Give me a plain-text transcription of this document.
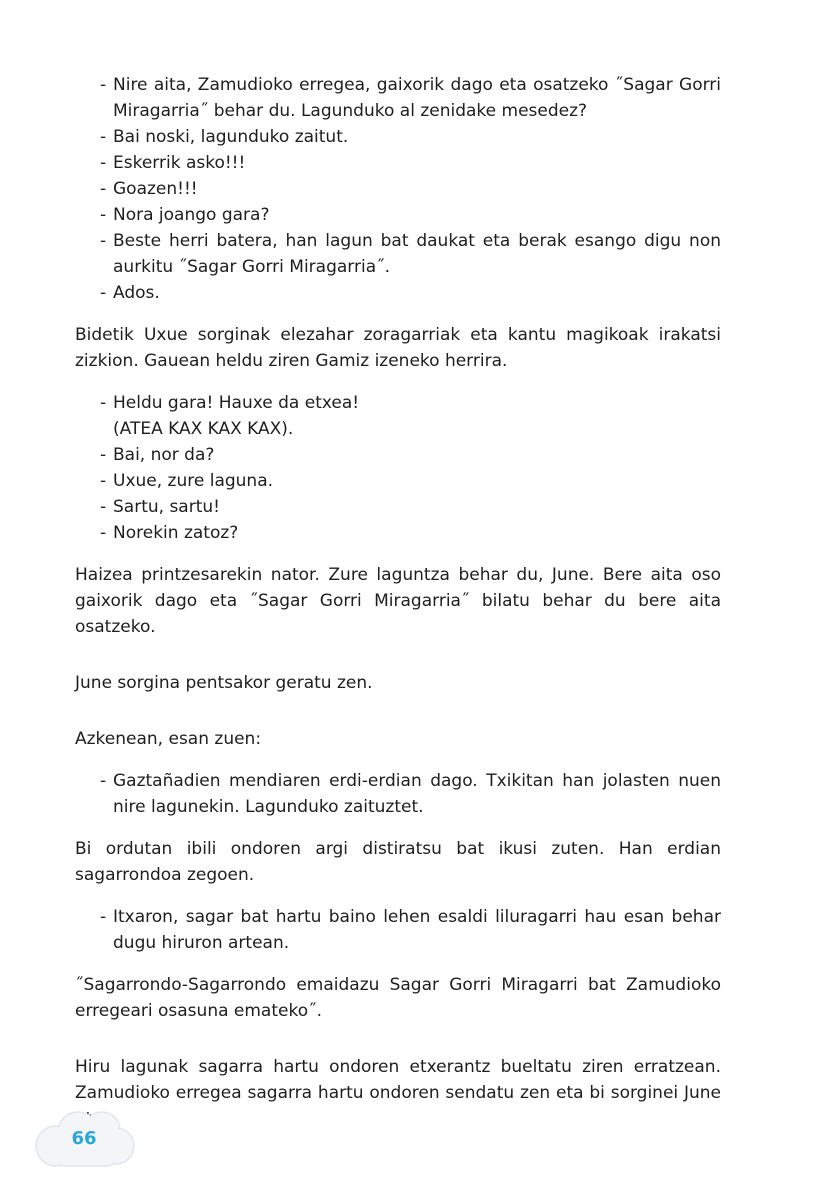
- Nire aita, Zamudioko erregea, gaixorik dago eta osatzeko ˝Sagar Gorri Miragarria˝ behar du. Lagunduko al zenidake mesedez?
- Bai noski, lagunduko zaitut.
- Eskerrik asko!!!
- Goazen!!!
- Nora joango gara?
- Beste herri batera, han lagun bat daukat eta berak esango digu non aurkitu ˝Sagar Gorri Miragarria˝.
- Ados.

Bidetik Uxue sorginak elezahar zoragarriak eta kantu magikoak irakatsi zizkion. Gauean heldu ziren Gamiz izeneko herrira.

- Heldu gara! Hauxe da etxea!
(ATEA KAX KAX KAX).
- Bai, nor da?
- Uxue, zure laguna.
- Sartu, sartu!
- Norekin zatoz?

Haizea printzesarekin nator. Zure laguntza behar du, June. Bere aita oso gaixorik dago eta ˝Sagar Gorri Miragarria˝ bilatu behar du bere aita osatzeko.

June sorgina pentsakor geratu zen.

Azkenean, esan zuen:

- Gaztañadien mendiaren erdi-erdian dago. Txikitan han jolasten nuen nire lagunekin. Lagunduko zaituztet.

Bi ordutan ibili ondoren argi distiratsu bat ikusi zuten. Han erdian sagarrondoa zegoen.

- Itxaron, sagar bat hartu baino lehen esaldi liluragarri hau esan behar dugu hiruron artean.

˝Sagarrondo-Sagarrondo emaidazu Sagar Gorri Miragarri bat Zamudioko erregeari osasuna emateko˝.

Hiru lagunak sagarra hartu ondoren etxerantz bueltatu ziren erratzean. Zamudioko erregea sagarra hartu ondoren sendatu zen eta bi sorginei June

66
